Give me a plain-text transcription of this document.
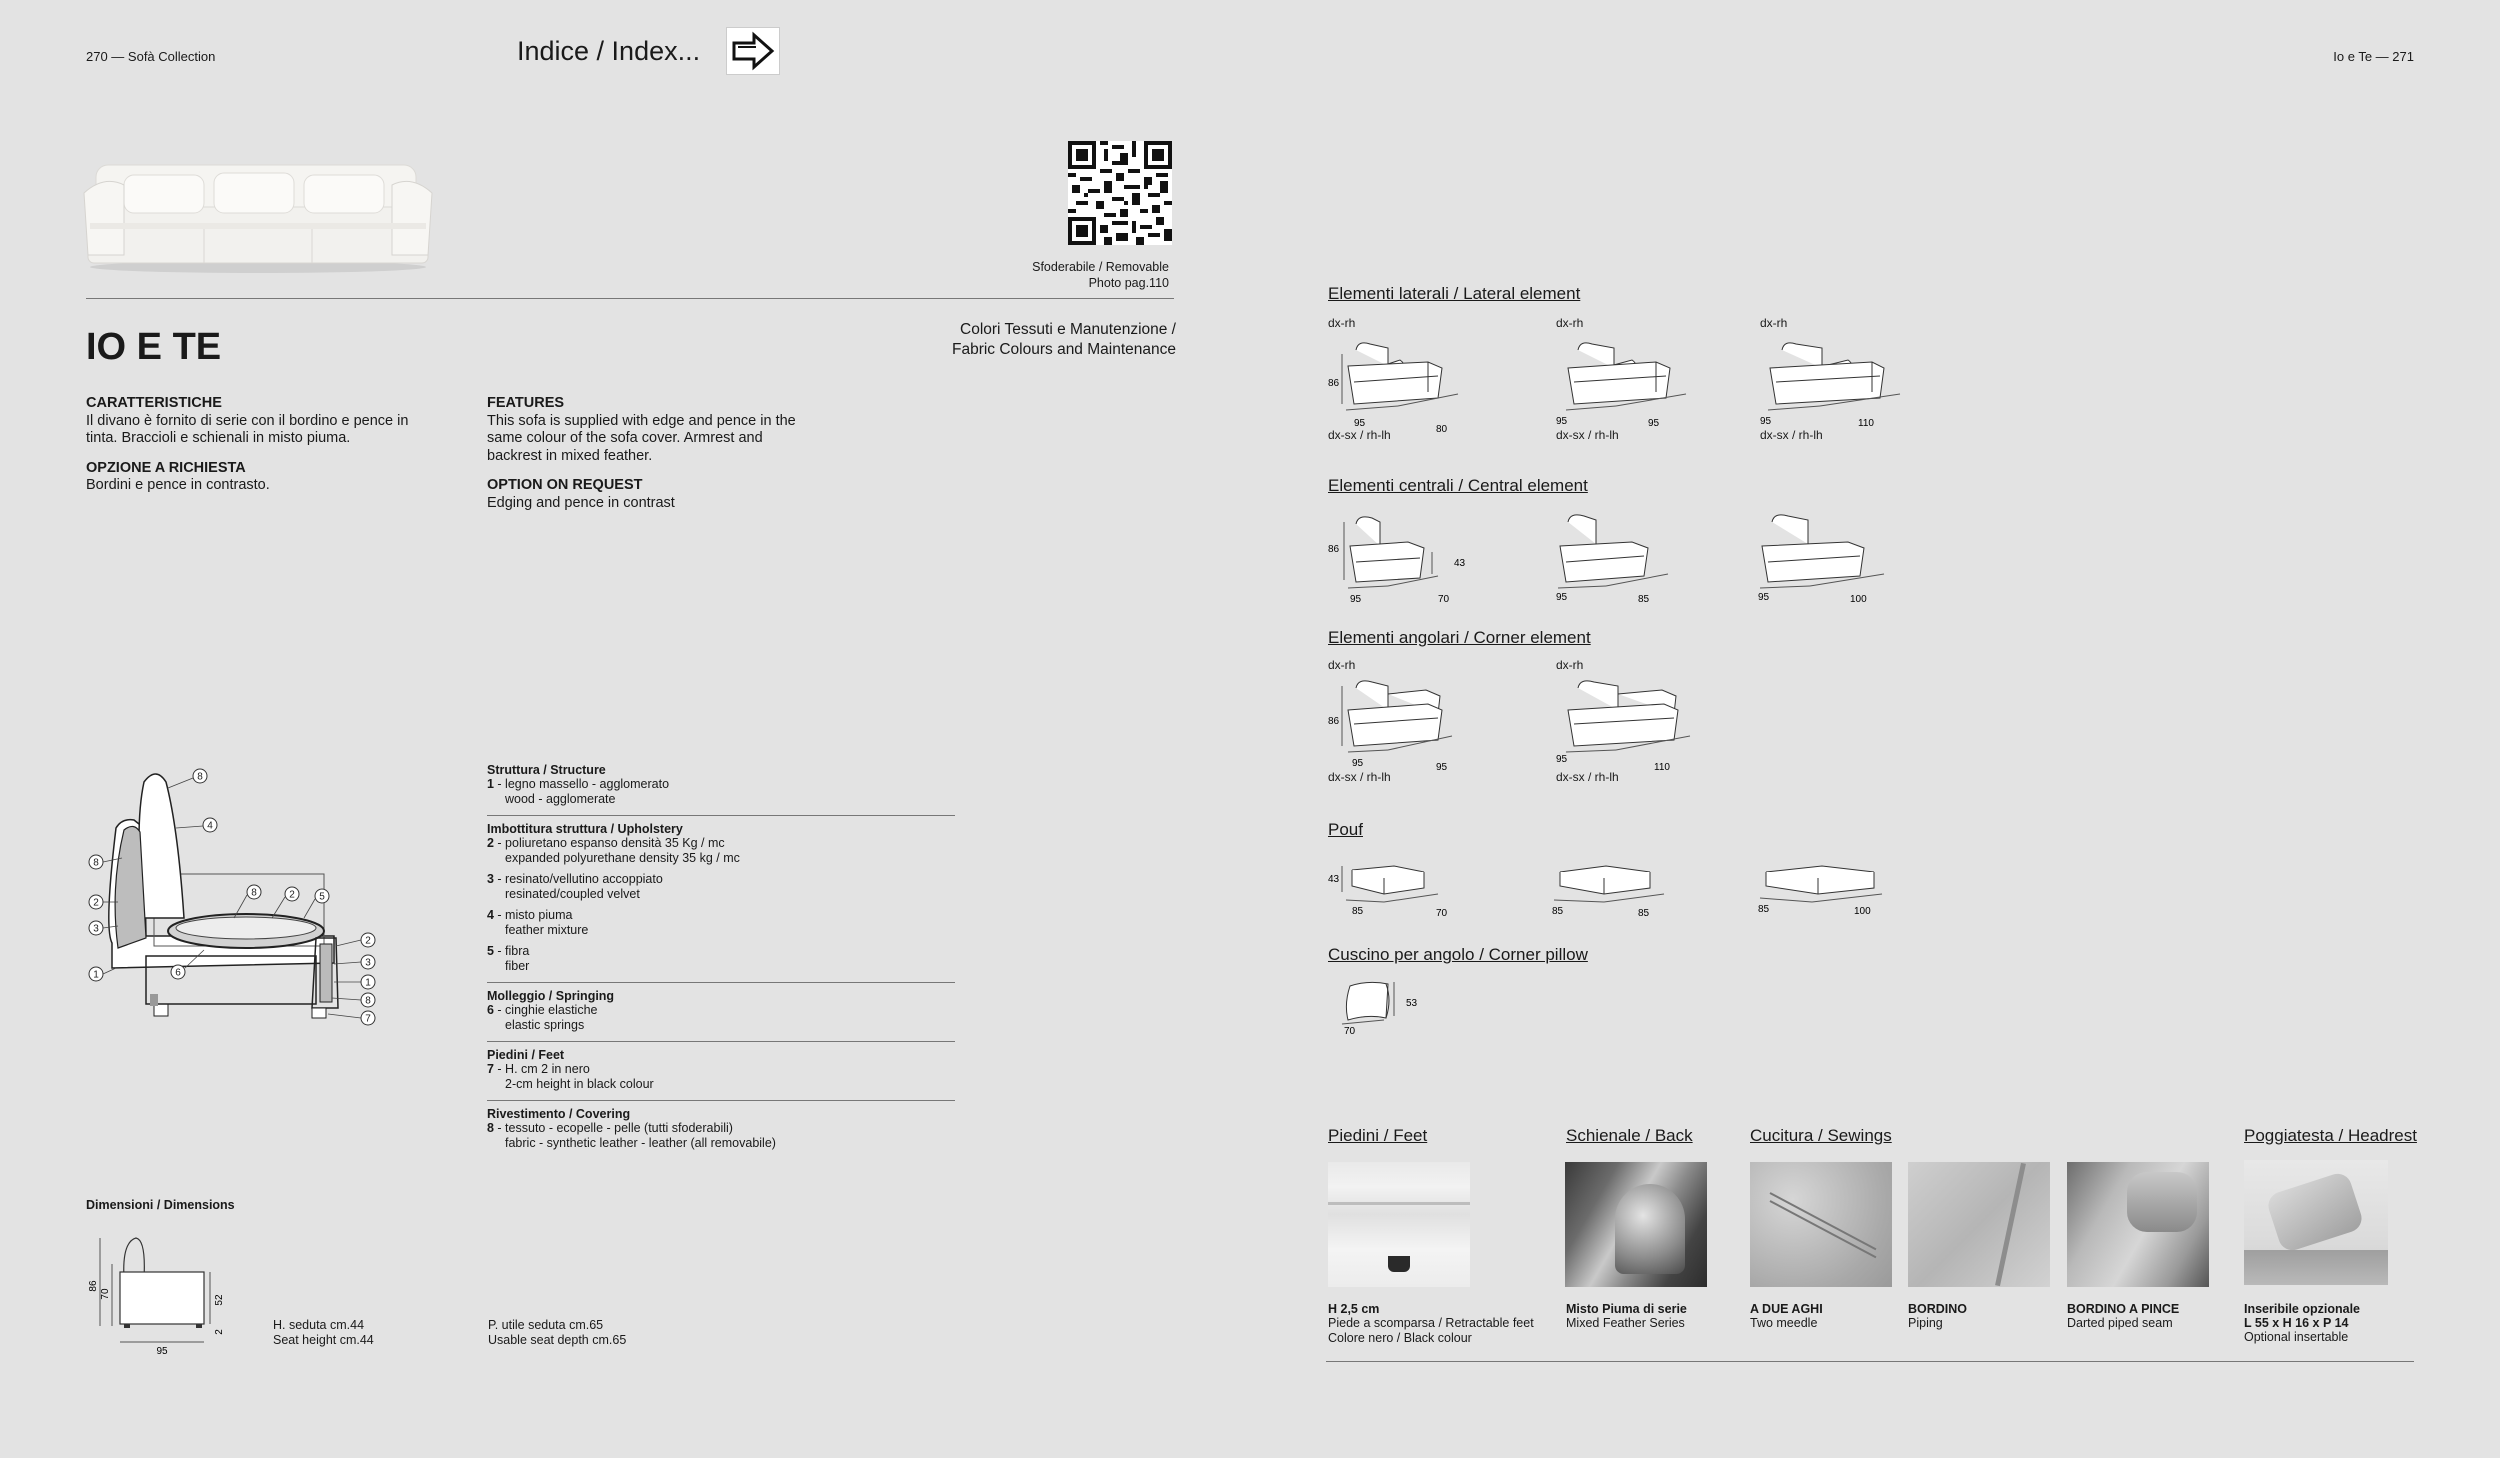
270 — Sofà Collection	Indice / Index...	Io e Te — 271
Sfoderabile / Removable
Photo pag.110
IO E TE	Colori Tessuti e Manutenzione /
Fabric Colours and Maintenance
CARATTERISTICHE
Il divano è fornito di serie con il bordino e pence in tinta. Braccioli e schienali in misto piuma.
OPZIONE A RICHIESTA
Bordini e pence in contrasto.
FEATURES
This sofa is supplied with edge and pence in the same colour of the sofa cover. Armrest and backrest in mixed feather.
OPTION ON REQUEST
Edging and pence in contrast
8
4
8
2
3
1	6
8	2 5
2
3
1
8
7
Struttura / Structure
1 - legno massello - agglomerato
wood - agglomerate
Imbottitura struttura / Upholstery
2 - poliuretano espanso densità 35 Kg / mc
expanded polyurethane density 35 kg / mc
3 - resinato/vellutino accoppiato
resinated/coupled velvet
4 - misto piuma
feather mixture
5 - fibra
fiber
Molleggio / Springing
6 - cinghie elastiche
elastic springs
Piedini / Feet
7 - H. cm 2 in nero
2-cm height in black colour
Rivestimento / Covering
8 - tessuto - ecopelle - pelle (tutti sfoderabili)
fabric - synthetic leather - leather (all removabile)
Dimensioni / Dimensions
86
70
52
2
95
H. seduta cm.44
Seat height cm.44
P. utile seduta cm.65
Usable seat depth cm.65
Elementi laterali / Lateral element
dx-rh
86
95
80
dx-sx / rh-lh
dx-rh
95	95
dx-sx / rh-lh
dx-rh
95	110
dx-sx / rh-lh
Elementi centrali / Central element
86
43
95	70	95	85	95	100
Elementi angolari / Corner element
dx-rh
86
95	95
dx-sx / rh-lh
dx-rh
95
110
dx-sx / rh-lh
Pouf
43
85	70	85	85	85	100
Cuscino per angolo / Corner pillow
53
70
Piedini / Feet
H 2,5 cm
Piede a scomparsa / Retractable feet
Colore nero / Black colour
Schienale / Back
Misto Piuma di serie
Mixed Feather Series
Cucitura / Sewings
A DUE AGHI
Two meedle
BORDINO
Piping
BORDINO A PINCE
Darted piped seam
Poggiatesta / Headrest
Inseribile opzionale
L 55 x H 16 x P 14
Optional insertable
